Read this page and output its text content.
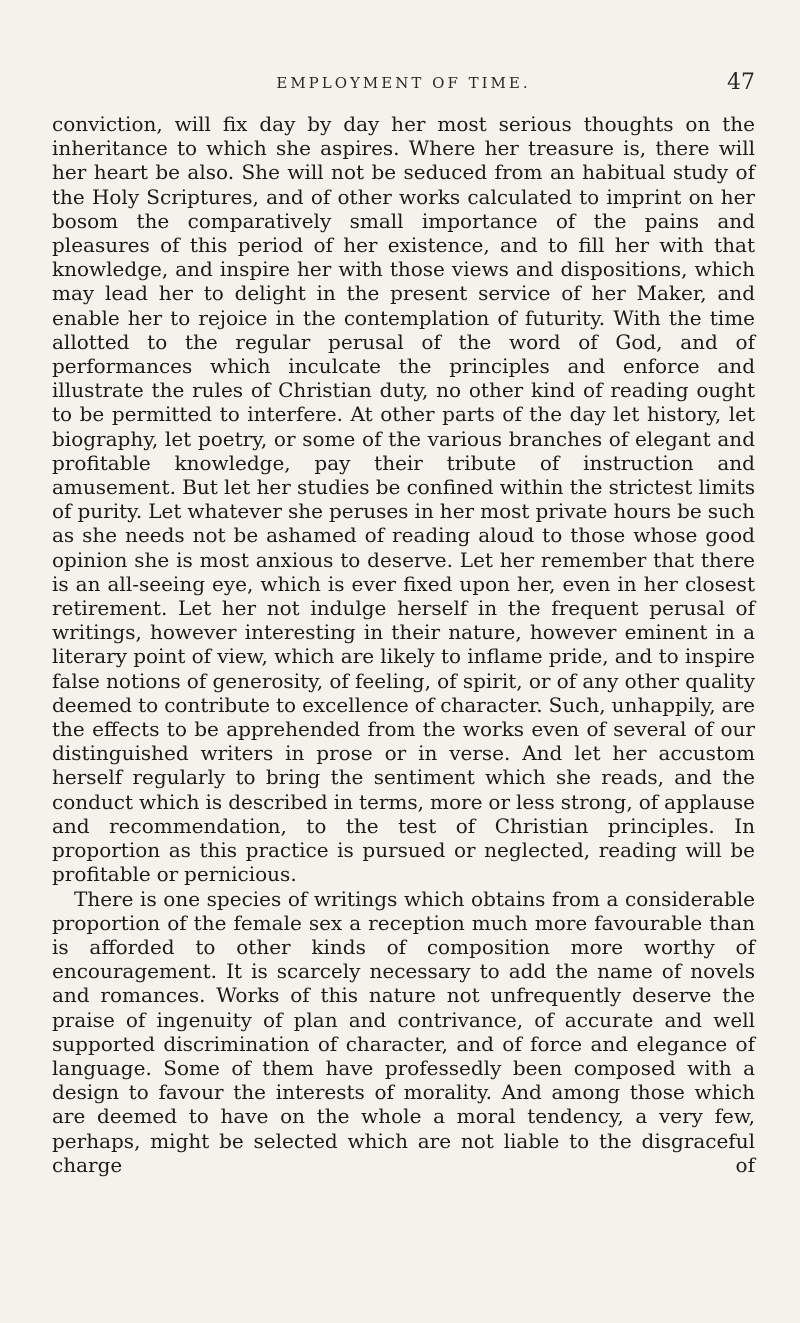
EMPLOYMENT OF TIME.	47

conviction, will fix day by day her most serious thoughts on the inheritance to which she aspires. Where her treasure is, there will her heart be also. She will not be seduced from an habitual study of the Holy Scriptures, and of other works calculated to imprint on her bosom the comparatively small importance of the pains and pleasures of this period of her existence, and to fill her with that knowledge, and inspire her with those views and dispositions, which may lead her to delight in the present service of her Maker, and enable her to rejoice in the contemplation of futurity. With the time allotted to the regular perusal of the word of God, and of performances which inculcate the principles and enforce and illustrate the rules of Christian duty, no other kind of reading ought to be permitted to interfere. At other parts of the day let history, let biography, let poetry, or some of the various branches of elegant and profitable knowledge, pay their tribute of instruction and amusement. But let her studies be confined within the strictest limits of purity. Let whatever she peruses in her most private hours be such as she needs not be ashamed of reading aloud to those whose good opinion she is most anxious to deserve. Let her remember that there is an all-seeing eye, which is ever fixed upon her, even in her closest retirement. Let her not indulge herself in the frequent perusal of writings, however interesting in their nature, however eminent in a literary point of view, which are likely to inflame pride, and to inspire false notions of generosity, of feeling, of spirit, or of any other quality deemed to contribute to excellence of character. Such, unhappily, are the effects to be apprehended from the works even of several of our distinguished writers in prose or in verse. And let her accustom herself regularly to bring the sentiment which she reads, and the conduct which is described in terms, more or less strong, of applause and recommendation, to the test of Christian principles. In proportion as this practice is pursued or neglected, reading will be profitable or pernicious.

There is one species of writings which obtains from a considerable proportion of the female sex a reception much more favourable than is afforded to other kinds of composition more worthy of encouragement. It is scarcely necessary to add the name of novels and romances. Works of this nature not unfrequently deserve the praise of ingenuity of plan and contrivance, of accurate and well supported discrimination of character, and of force and elegance of language. Some of them have professedly been composed with a design to favour the interests of morality. And among those which are deemed to have on the whole a moral tendency, a very few, perhaps, might be selected which are not liable to the disgraceful charge of
